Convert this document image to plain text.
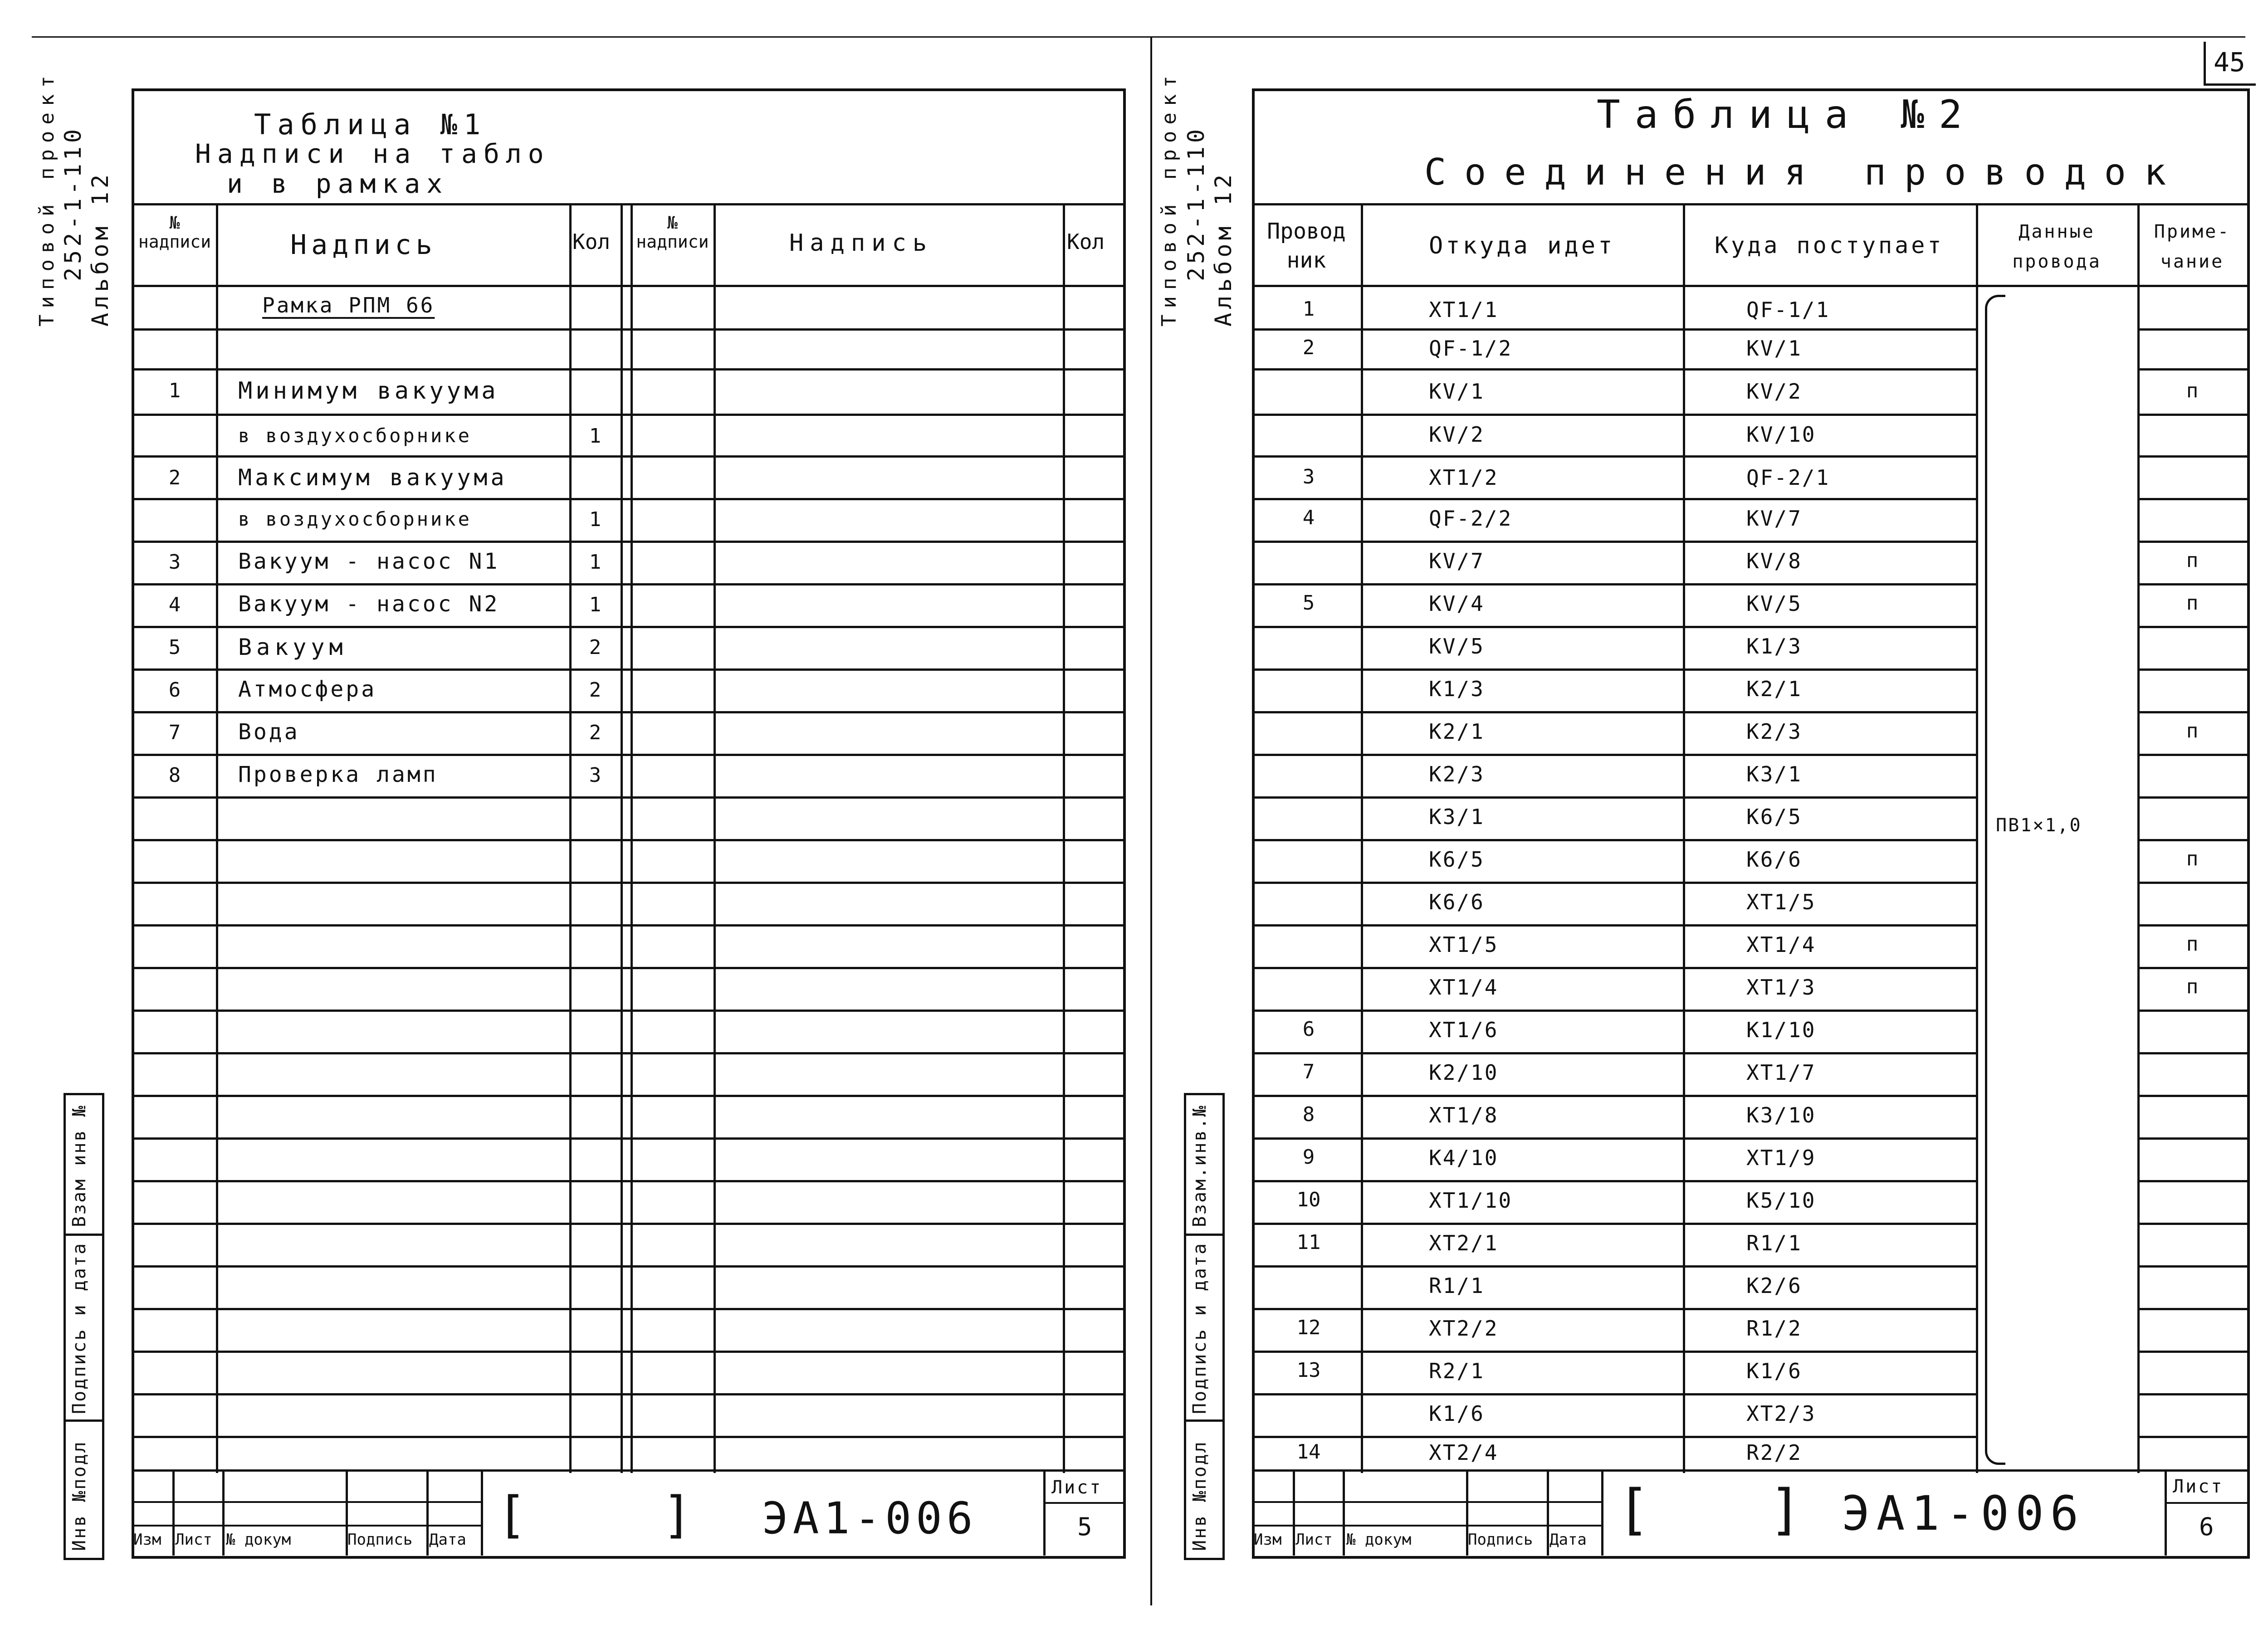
45
Типовой проект 252-1-110 Альбом 12
Таблица №1
Надписи на табло
и в рамках
№ надписи	Надпись	Кол
№ надписи	Надпись	Кол
Рамка РПМ 66
1	Минимум вакуума
в воздухосборнике	1
2	Максимум вакуума
в воздухосборнике	1
3	Вакуум - насос N1	1
4	Вакуум - насос N2	1
5	Вакуум	2
6	Атмосфера	2
7	Вода	2
8	Проверка ламп	3
Инв №подл
Подпись и дата
Взам инв №
Изм Лист № докум	Подпись Дата [	] ЭА1-006
Лист
5
Типовой проект 252-1-110 Альбом 12
Таблица №2
Соединения проводок
Провод ник
Откуда идет	Куда поступает
Данные провода
Приме- чание
ПВ1×1,0
1	ХТ1/1	QF-1/1
2	QF-1/2	KV/1
KV/1	KV/2	п
KV/2	KV/10
3	ХТ1/2	QF-2/1
4	QF-2/2	KV/7
KV/7	KV/8	п
5	KV/4	KV/5	п
KV/5	K1/3
K1/3	K2/1
K2/1	K2/3	п
K2/3	K3/1
K3/1	K6/5
K6/5	K6/6	п
K6/6	ХТ1/5
ХТ1/5	ХТ1/4	п
ХТ1/4	ХТ1/3	п
6	ХТ1/6	K1/10
7	K2/10	ХТ1/7
8	ХТ1/8	K3/10
9	K4/10	ХТ1/9
10	ХТ1/10	K5/10
11	ХТ2/1	R1/1
R1/1	K2/6
12	ХТ2/2	R1/2
13	R2/1	K1/6
K1/6	ХТ2/3
14	ХТ2/4	R2/2
Инв №подл
Подпись и дата
Взам.инв.№
Изм Лист № докум	Подпись Дата [ ] ЭА1-006	Лист
6
